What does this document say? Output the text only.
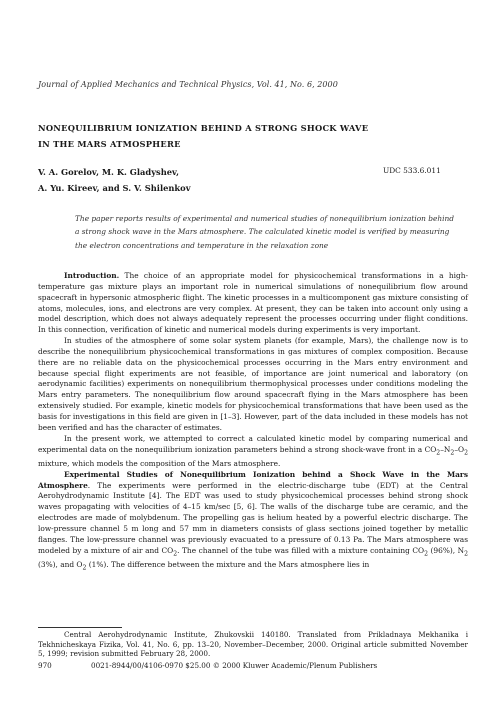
Journal of Applied Mechanics and Technical Physics, Vol. 41, No. 6, 2000
NONEQUILIBRIUM IONIZATION BEHIND A STRONG SHOCK WAVE
IN THE MARS ATMOSPHERE
V. A. Gorelov, M. K. Gladyshev,
A. Yu. Kireev, and S. V. Shilenkov
UDC 533.6.011
The paper reports results of experimental and numerical studies of nonequilibrium ionization behind a strong shock wave in the Mars atmosphere. The calculated kinetic model is verified by measuring the electron concentrations and temperature in the relaxation zone

Introduction. The choice of an appropriate model for physicochemical transformations in a high-temperature gas mixture plays an important role in numerical simulations of nonequilibrium flow around spacecraft in hypersonic atmospheric flight. The kinetic processes in a multicomponent gas mixture consisting of atoms, molecules, ions, and electrons are very complex. At present, they can be taken into account only using a model description, which does not always adequately represent the processes occurring under flight conditions. In this connection, verification of kinetic and numerical models during experiments is very important.

In studies of the atmosphere of some solar system planets (for example, Mars), the challenge now is to describe the nonequilibrium physicochemical transformations in gas mixtures of complex composition. Because there are no reliable data on the physicochemical processes occurring in the Mars entry environment and because special flight experiments are not feasible, of importance are joint numerical and laboratory (on aerodynamic facilities) experiments on nonequilibrium thermophysical processes under conditions modeling the Mars entry parameters. The nonequilibrium flow around spacecraft flying in the Mars atmosphere has been extensively studied. For example, kinetic models for physicochemical transformations that have been used as the basis for investigations in this field are given in [1–3]. However, part of the data included in these models has not been verified and has the character of estimates.

In the present work, we attempted to correct a calculated kinetic model by comparing numerical and experimental data on the nonequilibrium ionization parameters behind a strong shock-wave front in a $CO_2-N_2-O_2$ mixture, which models the composition of the Mars atmosphere.

Experimental Studies of Nonequilibrium Ionization behind a Shock Wave in the Mars Atmosphere. The experiments were performed in the electric-discharge tube (EDT) at the Central Aerohydrodynamic Institute [4]. The EDT was used to study physicochemical processes behind strong shock waves propagating with velocities of 4–15 km/sec [5, 6]. The walls of the discharge tube are ceramic, and the electrodes are made of molybdenum. The propelling gas is helium heated by a powerful electric discharge. The low-pressure channel 5 m long and 57 mm in diameters consists of glass sections joined together by metallic flanges. The low-pressure channel was previously evacuated to a pressure of 0.13 Pa. The Mars atmosphere was modeled by a mixture of air and $CO_2$. The channel of the tube was filled with a mixture containing $CO_2$ (96%), $N_2$ (3%), and $O_2$ (1%). The difference between the mixture and the Mars atmosphere lies in

Central Aerohydrodynamic Institute, Zhukovskii 140180. Translated from Prikladnaya Mekhanika i Tekhnicheskaya Fizika, Vol. 41, No. 6, pp. 13–20, November–December, 2000. Original article submitted November 5, 1999; revision submitted February 28, 2000.
970	0021-8944/00/4106-0970 $25.00 © 2000 Kluwer Academic/Plenum Publishers
